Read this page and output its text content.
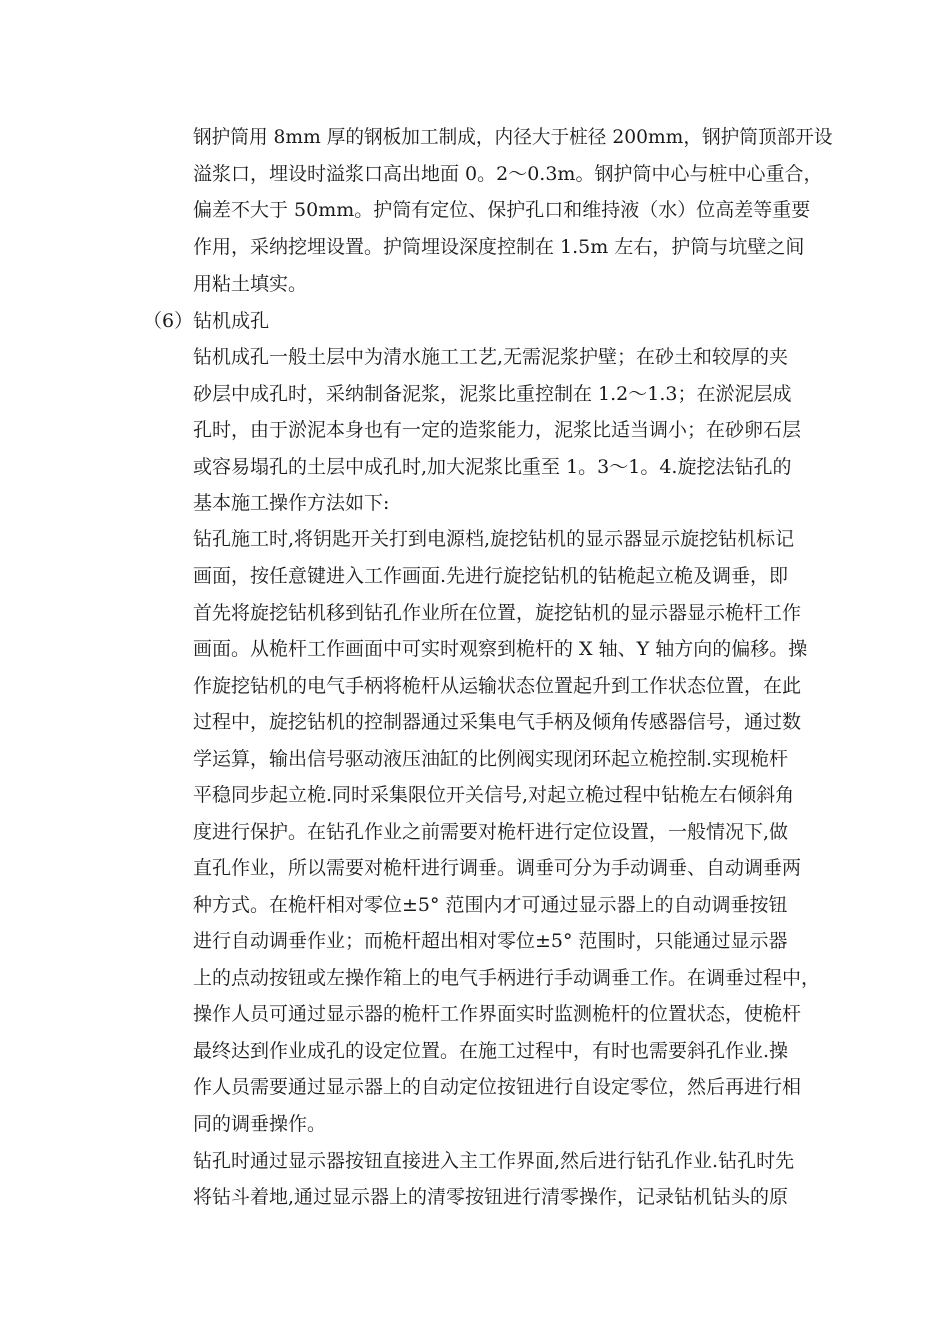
钢护筒用 8mm 厚的钢板加工制成，内径大于桩径 200mm，钢护筒顶部开设
溢浆口，埋设时溢浆口高出地面 0。2～0.3m。钢护筒中心与桩中心重合，
偏差不大于 50mm。护筒有定位、保护孔口和维持液（水）位高差等重要
作用，采纳挖埋设置。护筒埋设深度控制在 1.5m 左右，护筒与坑壁之间
用粘土填实。
（6）钻机成孔
钻机成孔一般土层中为清水施工工艺,无需泥浆护壁；在砂土和较厚的夹
砂层中成孔时，采纳制备泥浆，泥浆比重控制在 1.2～1.3；在淤泥层成
孔时，由于淤泥本身也有一定的造浆能力，泥浆比适当调小；在砂卵石层
或容易塌孔的土层中成孔时,加大泥浆比重至 1。3～1。4.旋挖法钻孔的
基本施工操作方法如下:
钻孔施工时,将钥匙开关打到电源档,旋挖钻机的显示器显示旋挖钻机标记
画面，按任意键进入工作画面.先进行旋挖钻机的钻桅起立桅及调垂，即
首先将旋挖钻机移到钻孔作业所在位置，旋挖钻机的显示器显示桅杆工作
画面。从桅杆工作画面中可实时观察到桅杆的 X 轴、Y 轴方向的偏移。操
作旋挖钻机的电气手柄将桅杆从运输状态位置起升到工作状态位置，在此
过程中，旋挖钻机的控制器通过采集电气手柄及倾角传感器信号，通过数
学运算，输出信号驱动液压油缸的比例阀实现闭环起立桅控制.实现桅杆
平稳同步起立桅.同时采集限位开关信号,对起立桅过程中钻桅左右倾斜角
度进行保护。在钻孔作业之前需要对桅杆进行定位设置，一般情况下,做
直孔作业，所以需要对桅杆进行调垂。调垂可分为手动调垂、自动调垂两
种方式。在桅杆相对零位±5° 范围内才可通过显示器上的自动调垂按钮
进行自动调垂作业；而桅杆超出相对零位±5° 范围时，只能通过显示器
上的点动按钮或左操作箱上的电气手柄进行手动调垂工作。在调垂过程中，
操作人员可通过显示器的桅杆工作界面实时监测桅杆的位置状态，使桅杆
最终达到作业成孔的设定位置。在施工过程中，有时也需要斜孔作业.操
作人员需要通过显示器上的自动定位按钮进行自设定零位，然后再进行相
同的调垂操作。
钻孔时通过显示器按钮直接进入主工作界面,然后进行钻孔作业.钻孔时先
将钻斗着地,通过显示器上的清零按钮进行清零操作，记录钻机钻头的原
